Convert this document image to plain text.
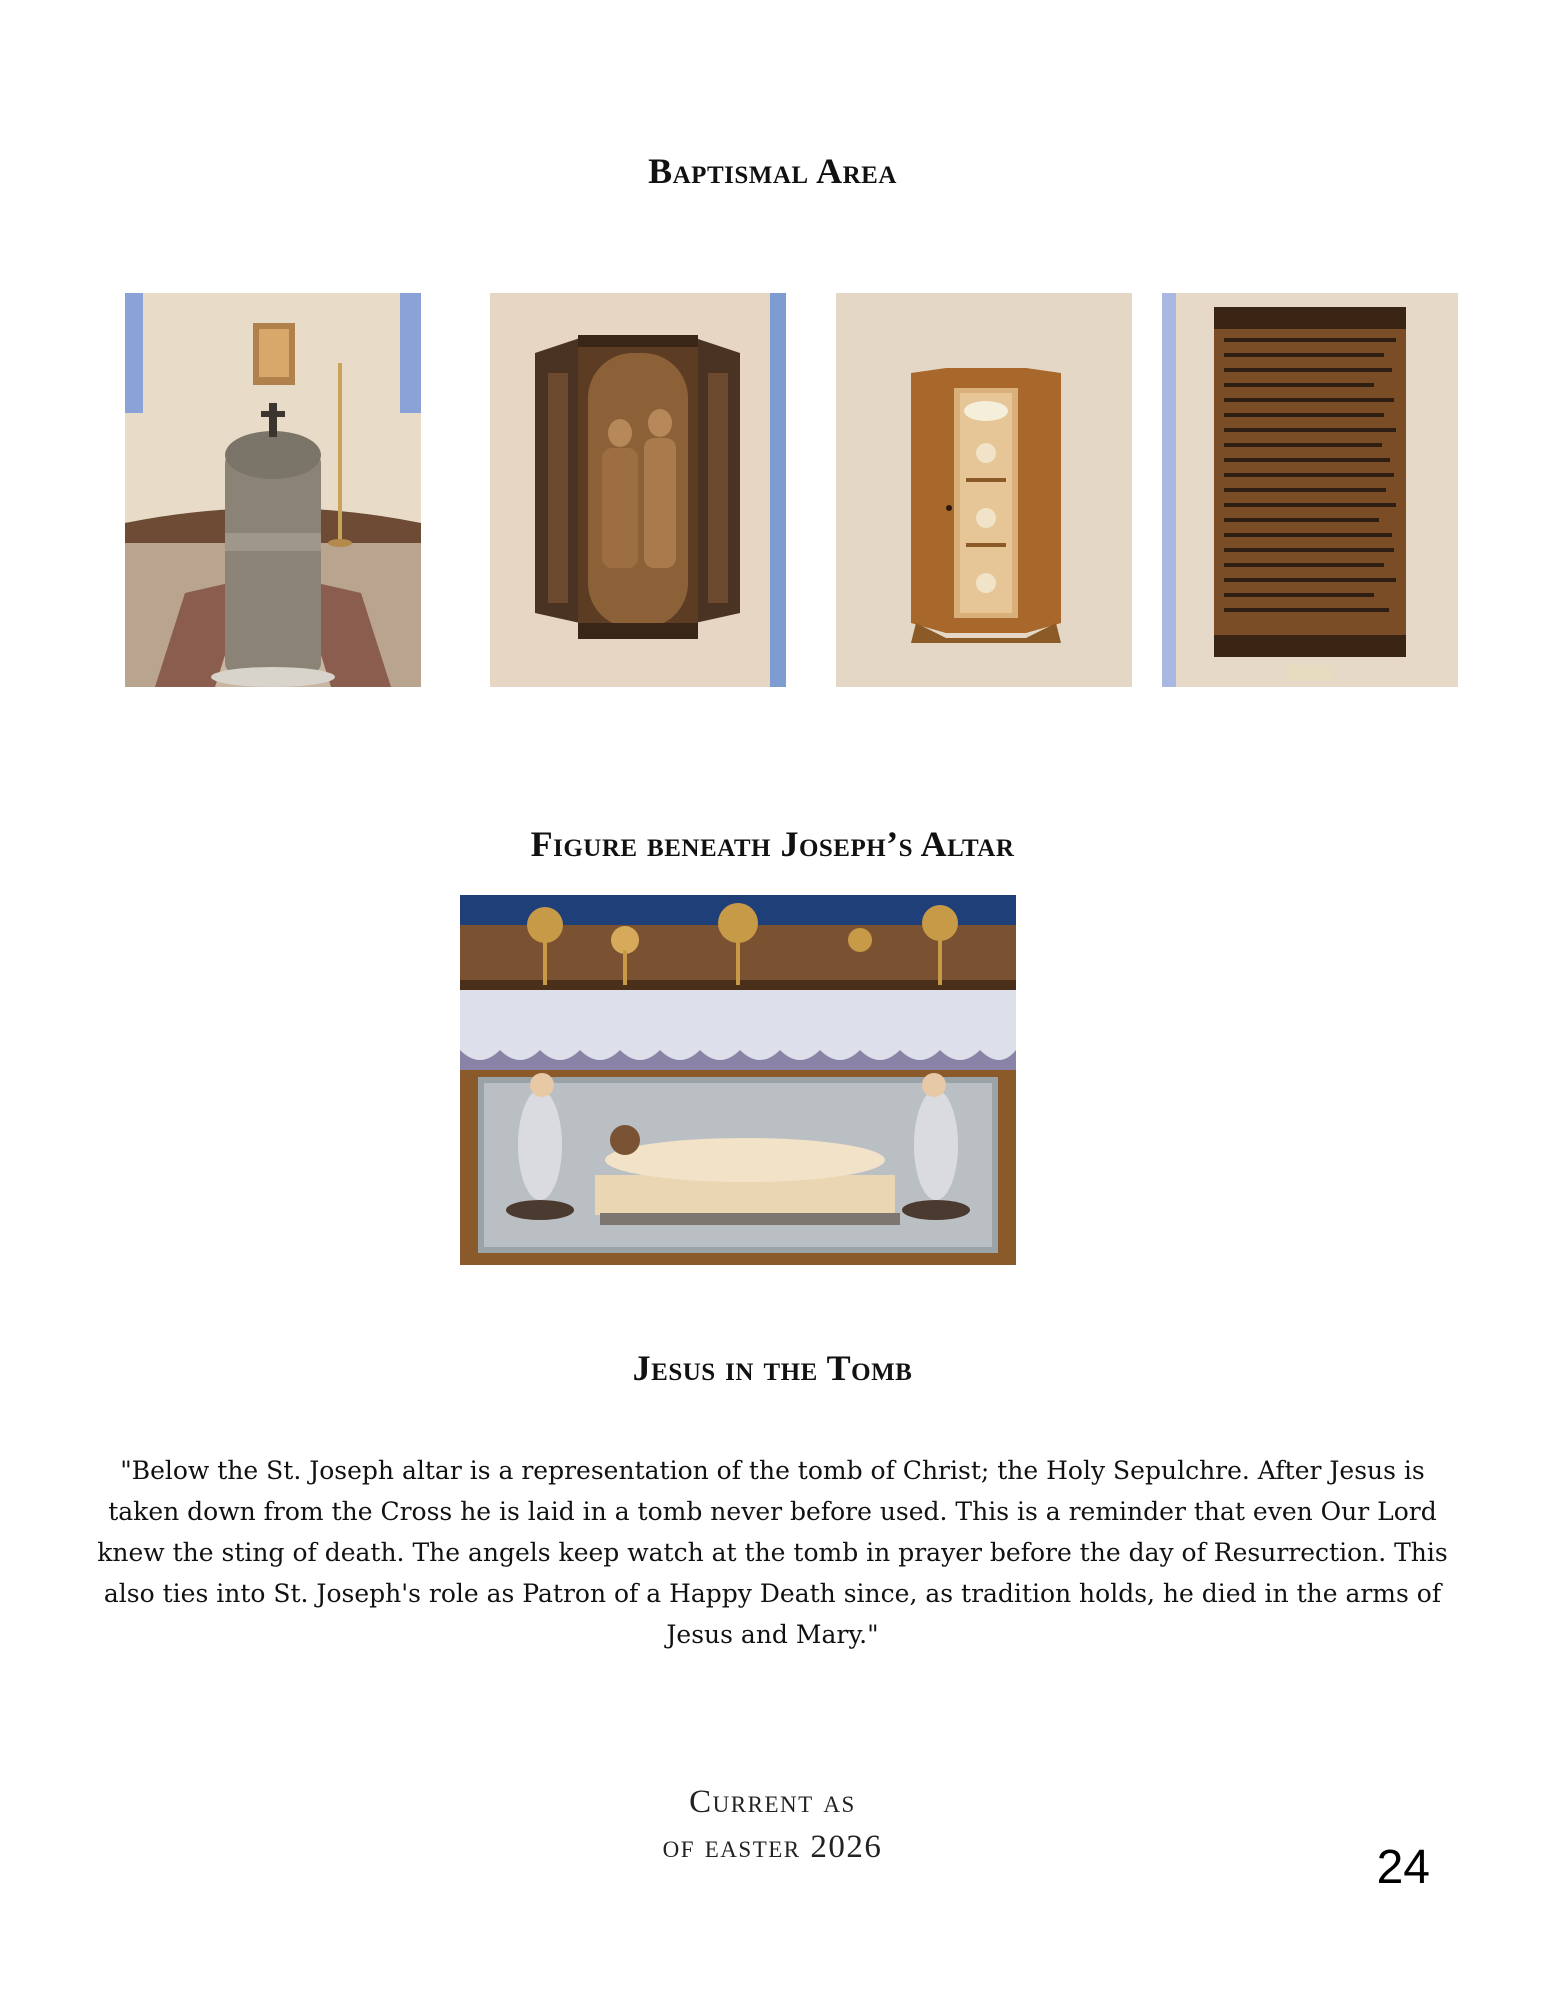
Baptismal Area
Figure beneath Joseph’s Altar
Jesus in the Tomb

"Below the St. Joseph altar is a representation of the tomb of Christ; the Holy Sepulchre. After Jesus is taken down from the Cross he is laid in a tomb never before used. This is a reminder that even Our Lord knew the sting of death. The angels keep watch at the tomb in prayer before the day of Resurrection. This also ties into St. Joseph's role as Patron of a Happy Death since, as tradition holds, he died in the arms of Jesus and Mary."

Current as
of easter 2026	24
